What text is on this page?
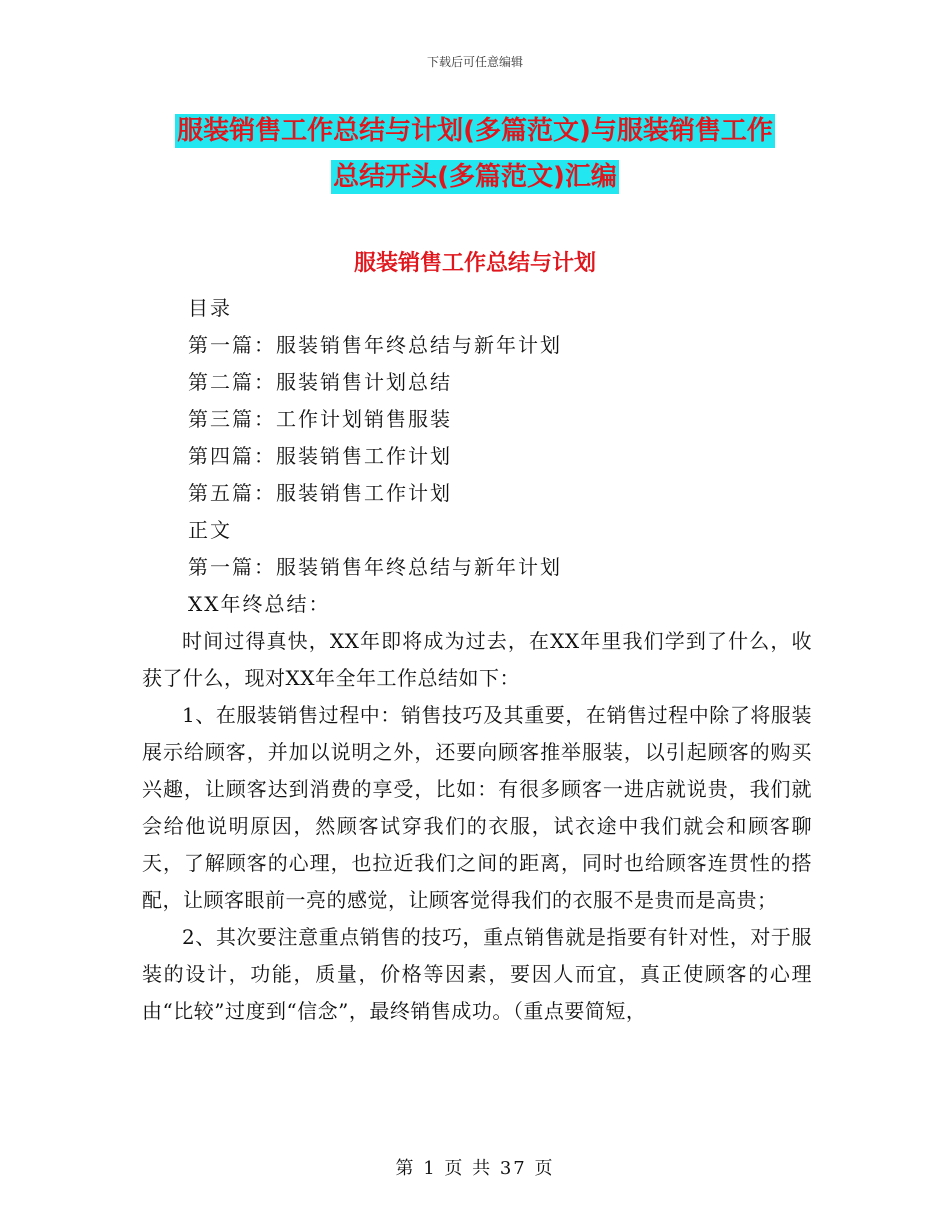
下载后可任意编辑
服装销售工作总结与计划(多篇范文)与服装销售工作
总结开头(多篇范文)汇编
服装销售工作总结与计划
目录
第一篇：服装销售年终总结与新年计划
第二篇：服装销售计划总结
第三篇：工作计划销售服装
第四篇：服装销售工作计划
第五篇：服装销售工作计划
正文
第一篇：服装销售年终总结与新年计划
XX年终总结：

时间过得真快，XX年即将成为过去，在XX年里我们学到了什么，收获了什么，现对XX年全年工作总结如下：

1、在服装销售过程中：销售技巧及其重要，在销售过程中除了将服装展示给顾客，并加以说明之外，还要向顾客推举服装，以引起顾客的购买兴趣，让顾客达到消费的享受，比如：有很多顾客一进店就说贵，我们就会给他说明原因，然顾客试穿我们的衣服，试衣途中我们就会和顾客聊天，了解顾客的心理，也拉近我们之间的距离，同时也给顾客连贯性的搭配，让顾客眼前一亮的感觉，让顾客觉得我们的衣服不是贵而是高贵；

2、其次要注意重点销售的技巧，重点销售就是指要有针对性，对于服装的设计，功能，质量，价格等因素，要因人而宜，真正使顾客的心理由“比较”过度到“信念”，最终销售成功。（重点要简短，

第 1 页 共 37 页
